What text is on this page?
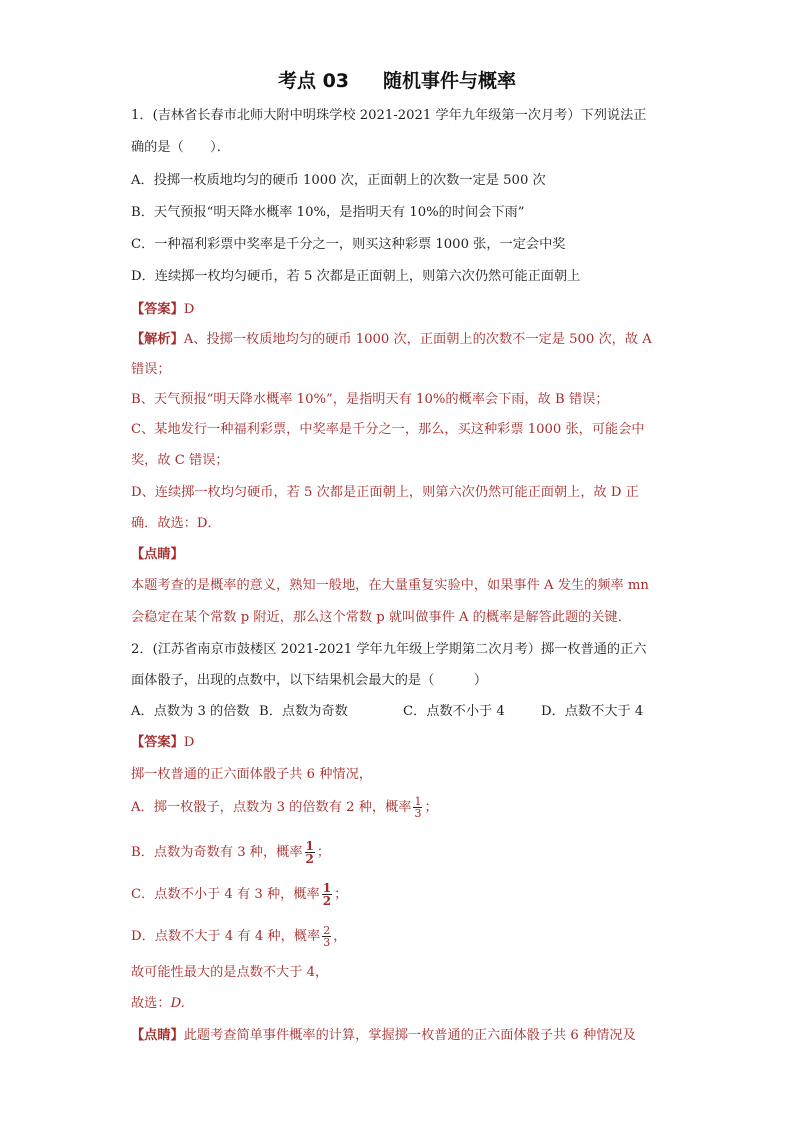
考点 03 随机事件与概率
1．(吉林省长春市北师大附中明珠学校 2021-2021 学年九年级第一次月考）下列说法正
确的是（　　）．
A．投掷一枚质地均匀的硬币 1000 次，正面朝上的次数一定是 500 次
B．天气预报“明天降水概率 10%，是指明天有 10%的时间会下雨”
C．一种福利彩票中奖率是千分之一，则买这种彩票 1000 张，一定会中奖
D．连续掷一枚均匀硬币，若 5 次都是正面朝上，则第六次仍然可能正面朝上
【答案】D
【解析】A、投掷一枚质地均匀的硬币 1000 次，正面朝上的次数不一定是 500 次，故 A
错误；
B、天气预报“明天降水概率 10%”，是指明天有 10%的概率会下雨，故 B 错误；
C、某地发行一种福利彩票，中奖率是千分之一，那么，买这种彩票 1000 张，可能会中
奖，故 C 错误；
D、连续掷一枚均匀硬币，若 5 次都是正面朝上，则第六次仍然可能正面朝上，故 D 正
确．故选：D．
【点睛】
本题考查的是概率的意义，熟知一般地，在大量重复实验中，如果事件 A 发生的频率 mn
会稳定在某个常数 p 附近，那么这个常数 p 就叫做事件 A 的概率是解答此题的关键．
2．(江苏省南京市鼓楼区 2021-2021 学年九年级上学期第二次月考）掷一枚普通的正六
面体骰子，出现的点数中，以下结果机会最大的是（　　　）
A．点数为 3 的倍数 B．点数为奇数	C．点数不小于 4	D．点数不大于 4
【答案】D
掷一枚普通的正六面体骰子共 6 种情况，
A．掷一枚骰子，点数为 3 的倍数有 2 种，概率 $\frac{1}{3}$ ；
B．点数为奇数有 3 种，概率 $\frac{1}{2}$ ；
C．点数不小于 4 有 3 种，概率 $\frac{1}{2}$ ；
D．点数不大于 4 有 4 种，概率 $\frac{2}{3}$ ，
故可能性最大的是点数不大于 4，
故选：D.
【点睛】此题考查简单事件概率的计算，掌握掷一枚普通的正六面体骰子共 6 种情况及
